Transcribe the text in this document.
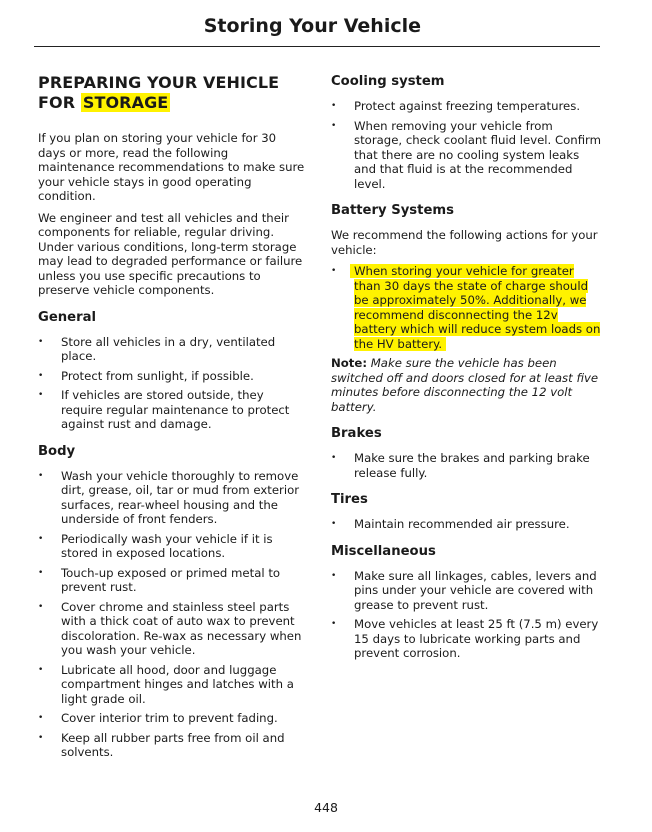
Storing Your Vehicle
PREPARING YOUR VEHICLE
FOR STORAGE

If you plan on storing your vehicle for 30 days or more, read the following maintenance recommendations to make sure your vehicle stays in good operating condition.

We engineer and test all vehicles and their components for reliable, regular driving. Under various conditions, long-term storage may lead to degraded performance or failure unless you use specific precautions to preserve vehicle components.

General
•	Store all vehicles in a dry, ventilated place.
•	Protect from sunlight, if possible.
•	If vehicles are stored outside, they require regular maintenance to protect against rust and damage.
Body
•	Wash your vehicle thoroughly to remove dirt, grease, oil, tar or mud from exterior surfaces, rear-wheel housing and the underside of front fenders.
•	Periodically wash your vehicle if it is stored in exposed locations.
•	Touch-up exposed or primed metal to prevent rust.
•	Cover chrome and stainless steel parts with a thick coat of auto wax to prevent discoloration. Re-wax as necessary when you wash your vehicle.
•	Lubricate all hood, door and luggage compartment hinges and latches with a light grade oil.
•	Cover interior trim to prevent fading.
•	Keep all rubber parts free from oil and solvents.
Cooling system
•	Protect against freezing temperatures.
•	When removing your vehicle from storage, check coolant fluid level. Confirm that there are no cooling system leaks and that fluid is at the recommended level.
Battery Systems

We recommend the following actions for your vehicle:

•	When storing your vehicle for greater than 30 days the state of charge should be approximately 50%. Additionally, we recommend disconnecting the 12v battery which will reduce system loads on the HV battery.
Note: Make sure the vehicle has been switched off and doors closed for at least five minutes before disconnecting the 12 volt battery.
Brakes
•	Make sure the brakes and parking brake release fully.
Tires
•	Maintain recommended air pressure.
Miscellaneous
•	Make sure all linkages, cables, levers and pins under your vehicle are covered with grease to prevent rust.
•	Move vehicles at least 25 ft (7.5 m) every 15 days to lubricate working parts and prevent corrosion.
448
